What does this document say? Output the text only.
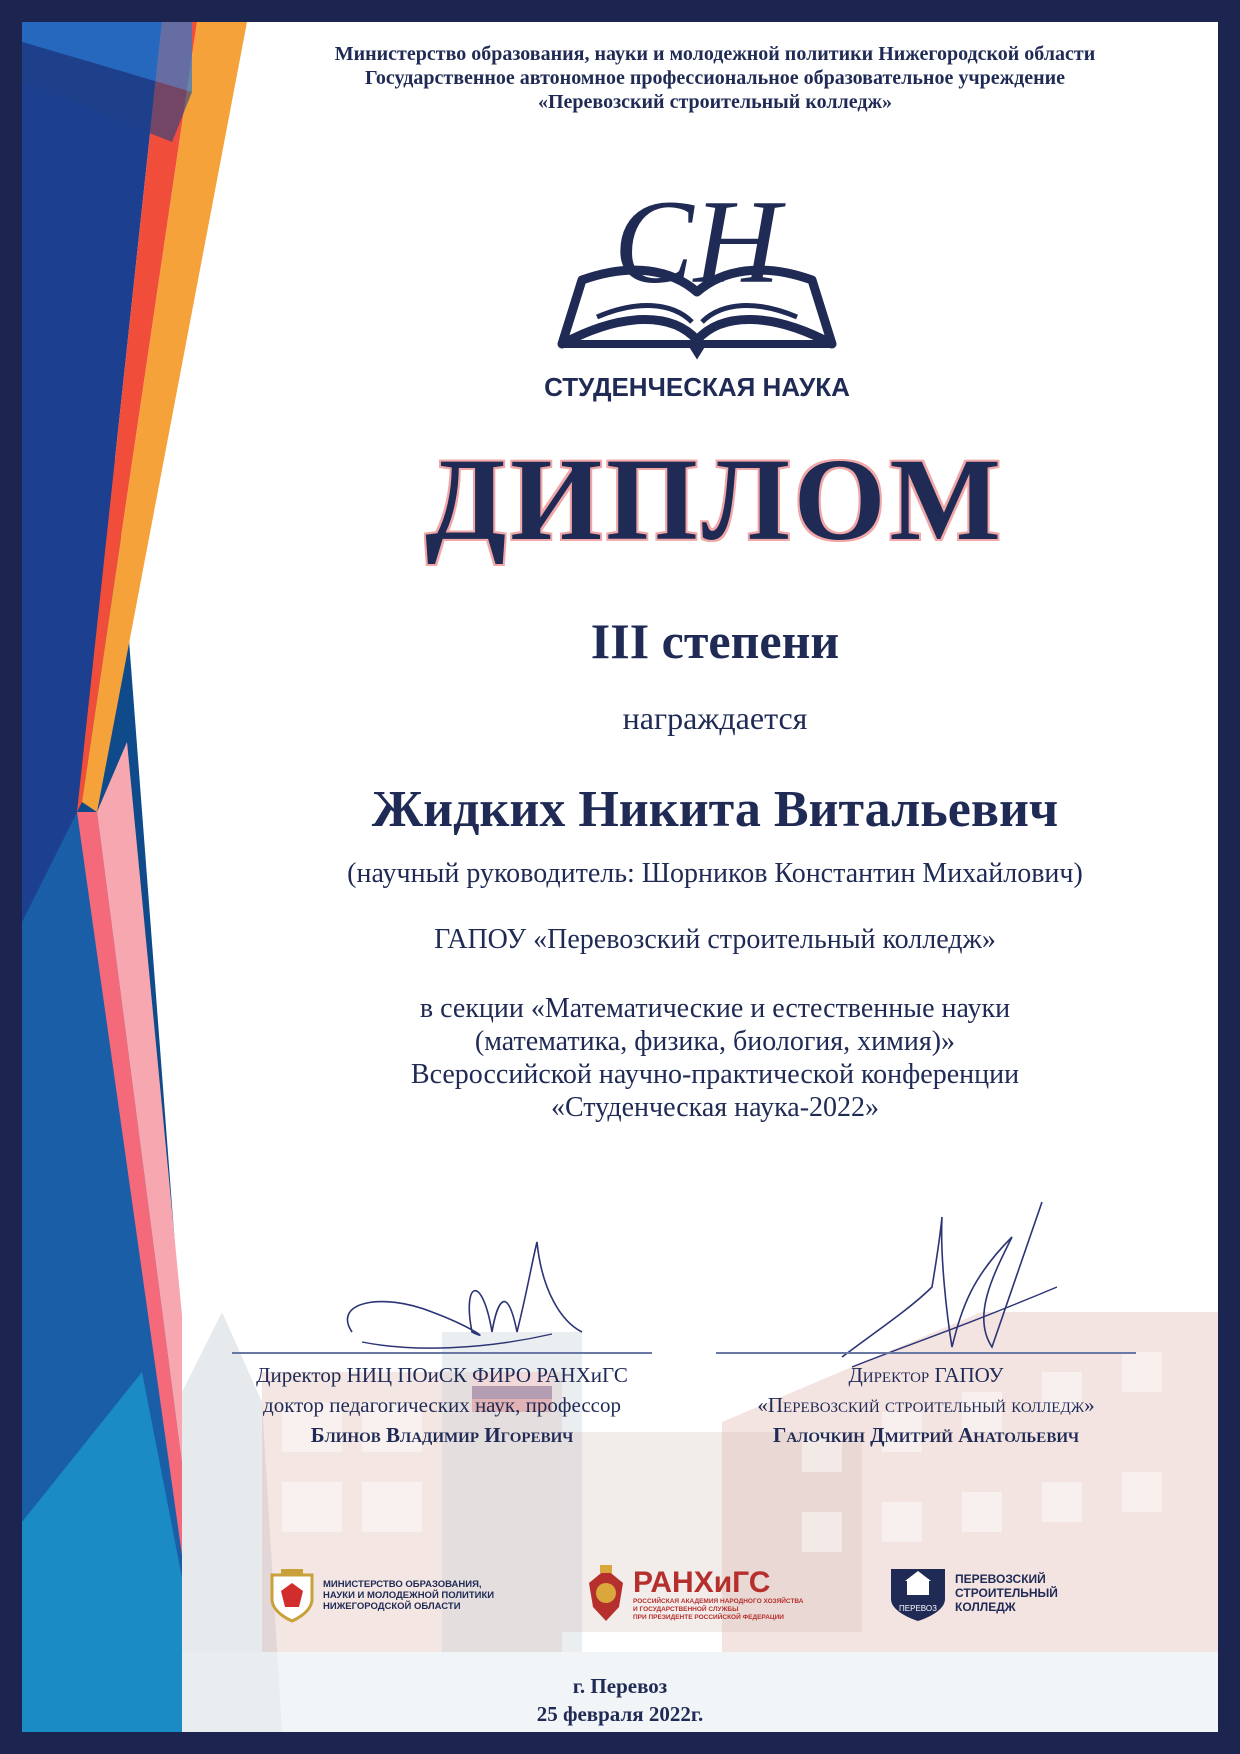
Министерство образования, науки и молодежной политики Нижегородской области
Государственное автономное профессиональное образовательное учреждение
«Перевозский строительный колледж»
СН
СТУДЕНЧЕСКАЯ НАУКА
ДИПЛОМ
III степени
награждается
Жидких Никита Витальевич
(научный руководитель: Шорников Константин Михайлович)
ГАПОУ «Перевозский строительный колледж»
в секции «Математические и естественные науки
(математика, физика, биология, химия)»
Всероссийской научно-практической конференции
«Студенческая наука-2022»
Директор НИЦ ПОиСК ФИРО РАНХиГС
доктор педагогических наук, профессор
Блинов Владимир Игоревич
Директор ГАПОУ
«Перевозский строительный колледж»
Галочкин Дмитрий Анатольевич
МИНИСТЕРСТВО ОБРАЗОВАНИЯ,
НАУКИ И МОЛОДЕЖНОЙ ПОЛИТИКИ
НИЖЕГОРОДСКОЙ ОБЛАСТИ
РАНХиГС
РОССИЙСКАЯ АКАДЕМИЯ НАРОДНОГО ХОЗЯЙСТВА
И ГОСУДАРСТВЕННОЙ СЛУЖБЫ
ПРИ ПРЕЗИДЕНТЕ РОССИЙСКОЙ ФЕДЕРАЦИИ
ПЕРЕВОЗ
ПЕРЕВОЗСКИЙ
СТРОИТЕЛЬНЫЙ
КОЛЛЕДЖ
г. Перевоз
25 февраля 2022г.
